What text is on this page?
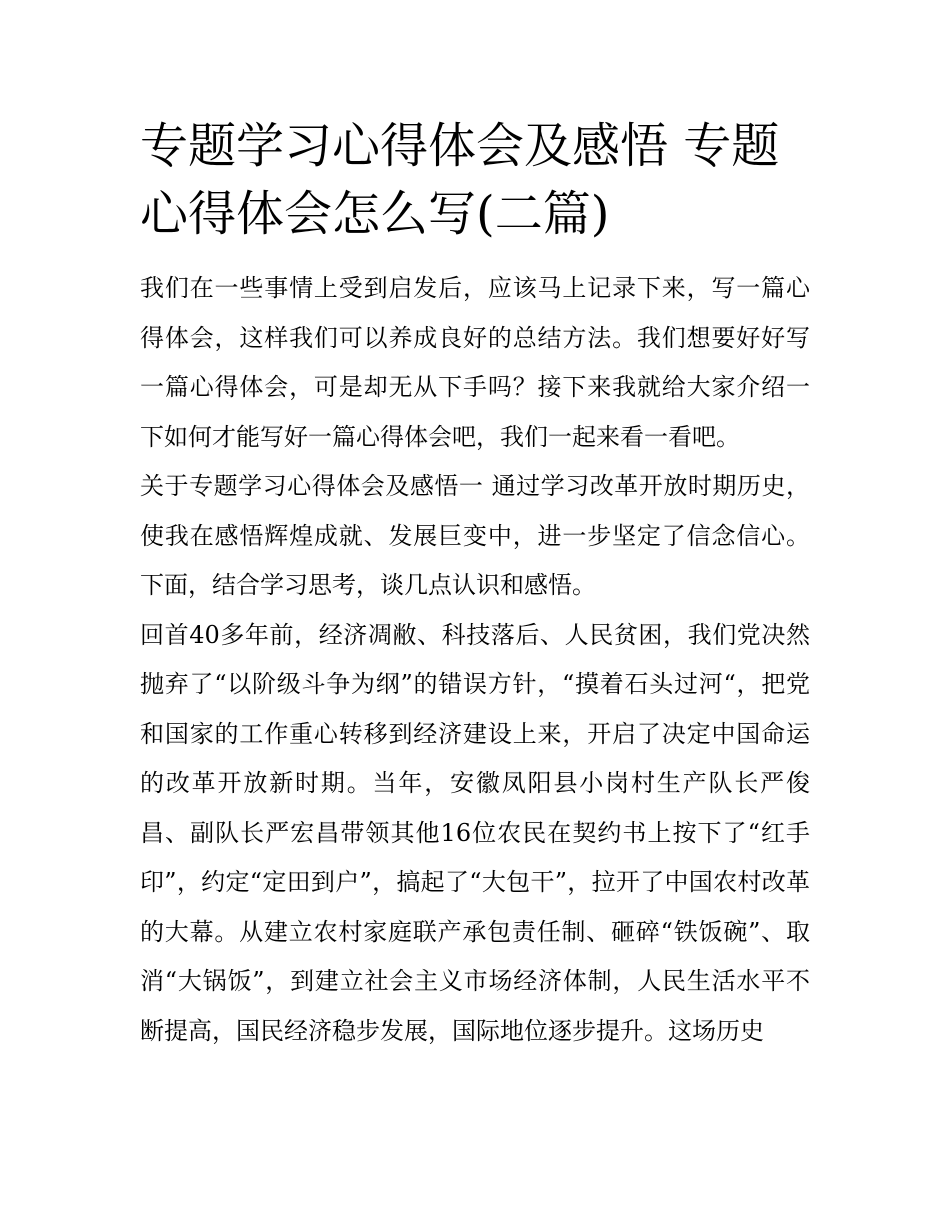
专题学习心得体会及感悟 专题心得体会怎么写(二篇)

我们在一些事情上受到启发后，应该马上记录下来，写一篇心得体会，这样我们可以养成良好的总结方法。我们想要好好写一篇心得体会，可是却无从下手吗？接下来我就给大家介绍一下如何才能写好一篇心得体会吧，我们一起来看一看吧。

关于专题学习心得体会及感悟一 通过学习改革开放时期历史，使我在感悟辉煌成就、发展巨变中，进一步坚定了信念信心。下面，结合学习思考，谈几点认识和感悟。

回首40多年前，经济凋敝、科技落后、人民贫困，我们党决然抛弃了“以阶级斗争为纲”的错误方针，“摸着石头过河“，把党和国家的工作重心转移到经济建设上来，开启了决定中国命运的改革开放新时期。当年，安徽凤阳县小岗村生产队长严俊昌、副队长严宏昌带领其他16位农民在契约书上按下了“红手印”，约定“定田到户”，搞起了“大包干”，拉开了中国农村改革的大幕。从建立农村家庭联产承包责任制、砸碎“铁饭碗”、取消“大锅饭”，到建立社会主义市场经济体制，人民生活水平不断提高，国民经济稳步发展，国际地位逐步提升。这场历史
